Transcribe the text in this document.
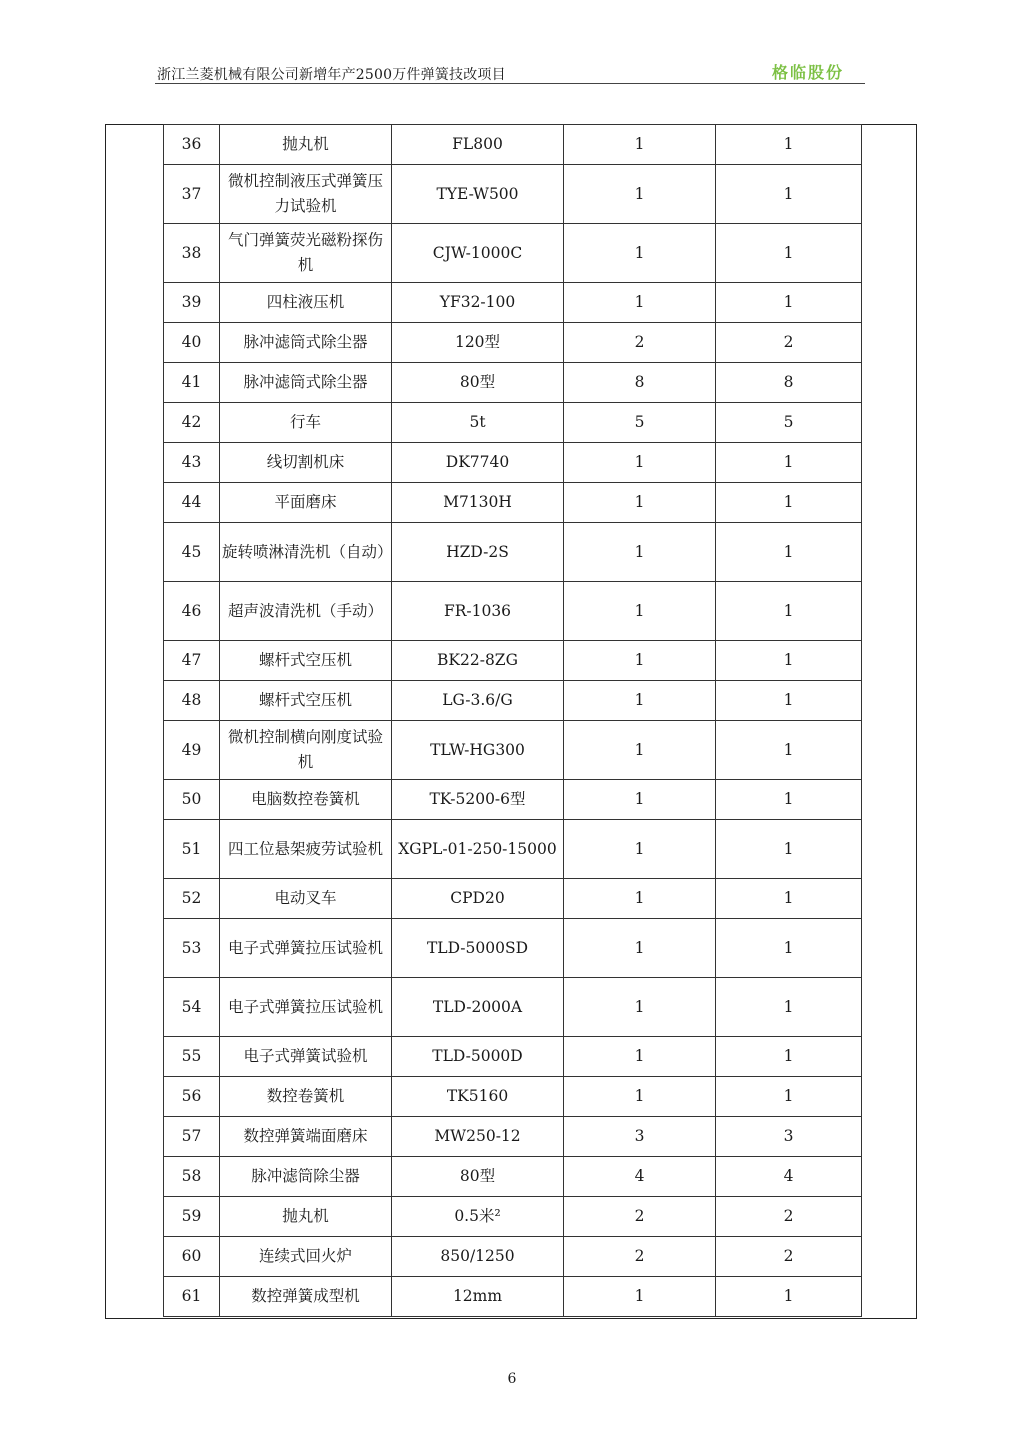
浙江兰菱机械有限公司新增年产2500万件弹簧技改项目	格临股份
36	抛丸机	FL800	1	1
37	微机控制液压式弹簧压力试验机	TYE-W500	1	1
38	气门弹簧荧光磁粉探伤机	CJW-1000C	1	1
39	四柱液压机	YF32-100	1	1
40	脉冲滤筒式除尘器	120型	2	2
41	脉冲滤筒式除尘器	80型	8	8
42	行车	5t	5	5
43	线切割机床	DK7740	1	1
44	平面磨床	M7130H	1	1
45	旋转喷淋清洗机（自动）	HZD-2S	1	1
46	超声波清洗机（手动）	FR-1036	1	1
47	螺杆式空压机	BK22-8ZG	1	1
48	螺杆式空压机	LG-3.6/G	1	1
49	微机控制横向刚度试验机	TLW-HG300	1	1
50	电脑数控卷簧机	TK-5200-6型	1	1
51	四工位悬架疲劳试验机	XGPL-01-250-15000	1	1
52	电动叉车	CPD20	1	1
53	电子式弹簧拉压试验机	TLD-5000SD	1	1
54	电子式弹簧拉压试验机	TLD-2000A	1	1
55	电子式弹簧试验机	TLD-5000D	1	1
56	数控卷簧机	TK5160	1	1
57	数控弹簧端面磨床	MW250-12	3	3
58	脉冲滤筒除尘器	80型	4	4
59	抛丸机	0.5米²	2	2
60	连续式回火炉	850/1250	2	2
61	数控弹簧成型机	12mm	1	1
6
